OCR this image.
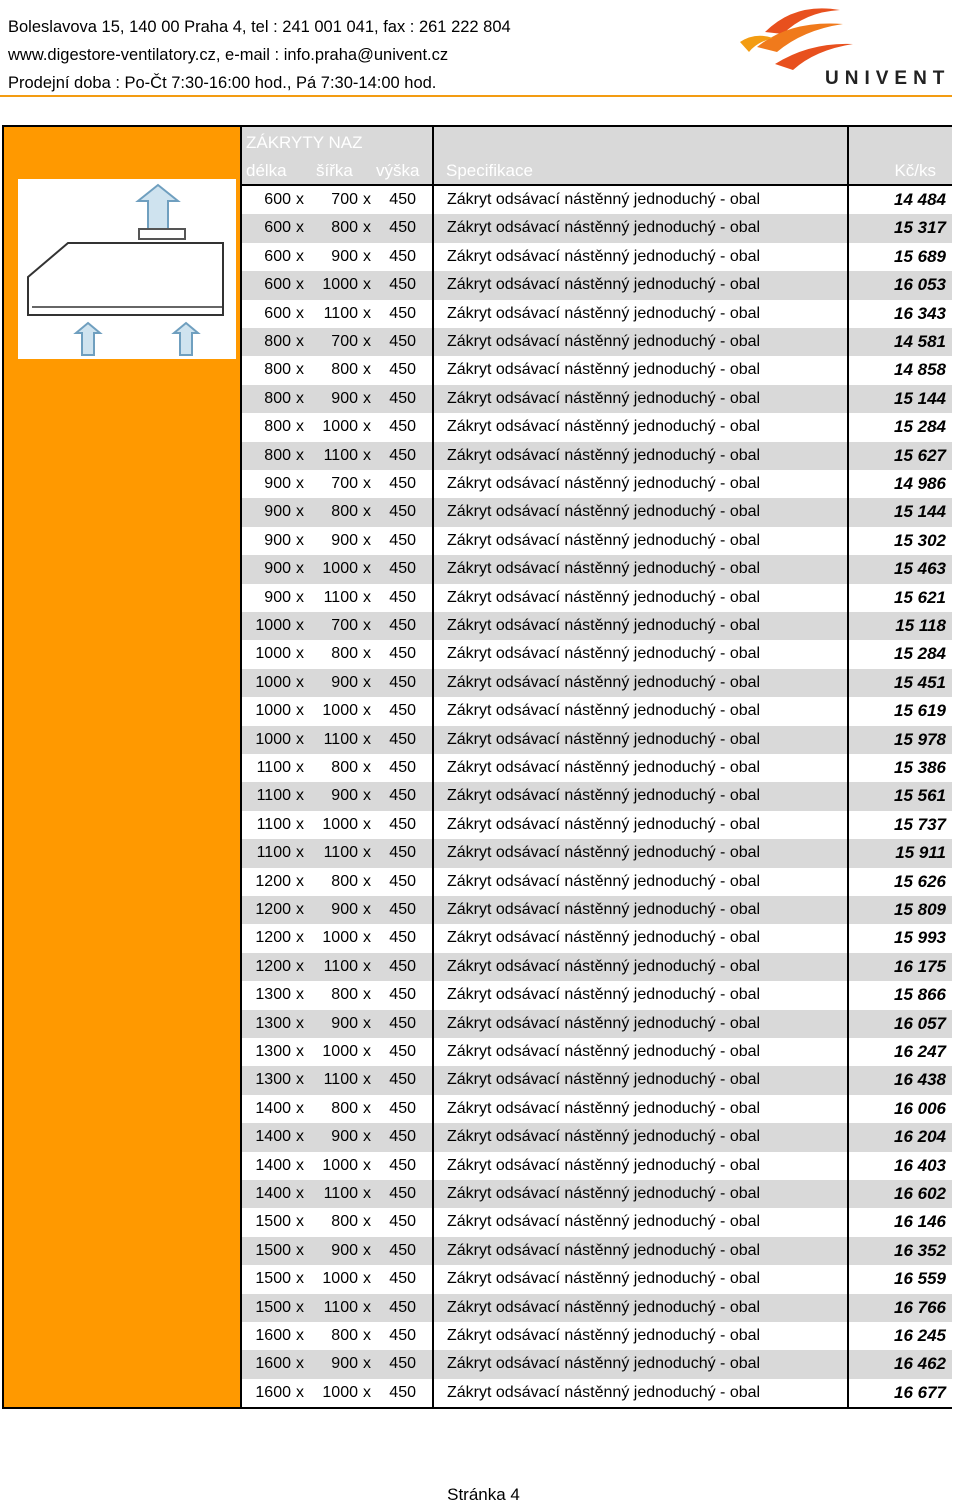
Boleslavova 15, 140 00 Praha 4, tel : 241 001 041, fax : 261 222 804
www.digestore-ventilatory.cz, e-mail : info.praha@univent.cz
Prodejní doba : Po-Čt 7:30-16:00 hod., Pá 7:30-14:00 hod.	UNIVENT
ZÁKRYTY NAZ
délka šířka výška Specifikace	Kč/ks
600 x	700 x	450 Zákryt odsávací nástěnný jednoduchý - obal	14 484
600 x	800 x	450 Zákryt odsávací nástěnný jednoduchý - obal	15 317
600 x	900 x	450 Zákryt odsávací nástěnný jednoduchý - obal	15 689
600 x	1000 x	450 Zákryt odsávací nástěnný jednoduchý - obal	16 053
600 x	1100 x	450 Zákryt odsávací nástěnný jednoduchý - obal	16 343
800 x	700 x	450 Zákryt odsávací nástěnný jednoduchý - obal	14 581
800 x	800 x	450 Zákryt odsávací nástěnný jednoduchý - obal	14 858
800 x	900 x	450 Zákryt odsávací nástěnný jednoduchý - obal	15 144
800 x	1000 x	450 Zákryt odsávací nástěnný jednoduchý - obal	15 284
800 x	1100 x	450 Zákryt odsávací nástěnný jednoduchý - obal	15 627
900 x	700 x	450 Zákryt odsávací nástěnný jednoduchý - obal	14 986
900 x	800 x	450 Zákryt odsávací nástěnný jednoduchý - obal	15 144
900 x	900 x	450 Zákryt odsávací nástěnný jednoduchý - obal	15 302
900 x	1000 x	450 Zákryt odsávací nástěnný jednoduchý - obal	15 463
900 x	1100 x	450 Zákryt odsávací nástěnný jednoduchý - obal	15 621
1000 x	700 x	450 Zákryt odsávací nástěnný jednoduchý - obal	15 118
1000 x	800 x	450 Zákryt odsávací nástěnný jednoduchý - obal	15 284
1000 x	900 x	450 Zákryt odsávací nástěnný jednoduchý - obal	15 451
1000 x	1000 x	450 Zákryt odsávací nástěnný jednoduchý - obal	15 619
1000 x	1100 x	450 Zákryt odsávací nástěnný jednoduchý - obal	15 978
1100 x	800 x	450 Zákryt odsávací nástěnný jednoduchý - obal	15 386
1100 x	900 x	450 Zákryt odsávací nástěnný jednoduchý - obal	15 561
1100 x	1000 x	450 Zákryt odsávací nástěnný jednoduchý - obal	15 737
1100 x	1100 x	450 Zákryt odsávací nástěnný jednoduchý - obal	15 911
1200 x	800 x	450 Zákryt odsávací nástěnný jednoduchý - obal	15 626
1200 x	900 x	450 Zákryt odsávací nástěnný jednoduchý - obal	15 809
1200 x	1000 x	450 Zákryt odsávací nástěnný jednoduchý - obal	15 993
1200 x	1100 x	450 Zákryt odsávací nástěnný jednoduchý - obal	16 175
1300 x	800 x	450 Zákryt odsávací nástěnný jednoduchý - obal	15 866
1300 x	900 x	450 Zákryt odsávací nástěnný jednoduchý - obal	16 057
1300 x	1000 x	450 Zákryt odsávací nástěnný jednoduchý - obal	16 247
1300 x	1100 x	450 Zákryt odsávací nástěnný jednoduchý - obal	16 438
1400 x	800 x	450 Zákryt odsávací nástěnný jednoduchý - obal	16 006
1400 x	900 x	450 Zákryt odsávací nástěnný jednoduchý - obal	16 204
1400 x	1000 x	450 Zákryt odsávací nástěnný jednoduchý - obal	16 403
1400 x	1100 x	450 Zákryt odsávací nástěnný jednoduchý - obal	16 602
1500 x	800 x	450 Zákryt odsávací nástěnný jednoduchý - obal	16 146
1500 x	900 x	450 Zákryt odsávací nástěnný jednoduchý - obal	16 352
1500 x	1000 x	450 Zákryt odsávací nástěnný jednoduchý - obal	16 559
1500 x	1100 x	450 Zákryt odsávací nástěnný jednoduchý - obal	16 766
1600 x	800 x	450 Zákryt odsávací nástěnný jednoduchý - obal	16 245
1600 x	900 x	450 Zákryt odsávací nástěnný jednoduchý - obal	16 462
1600 x	1000 x	450 Zákryt odsávací nástěnný jednoduchý - obal	16 677
Stránka 4
